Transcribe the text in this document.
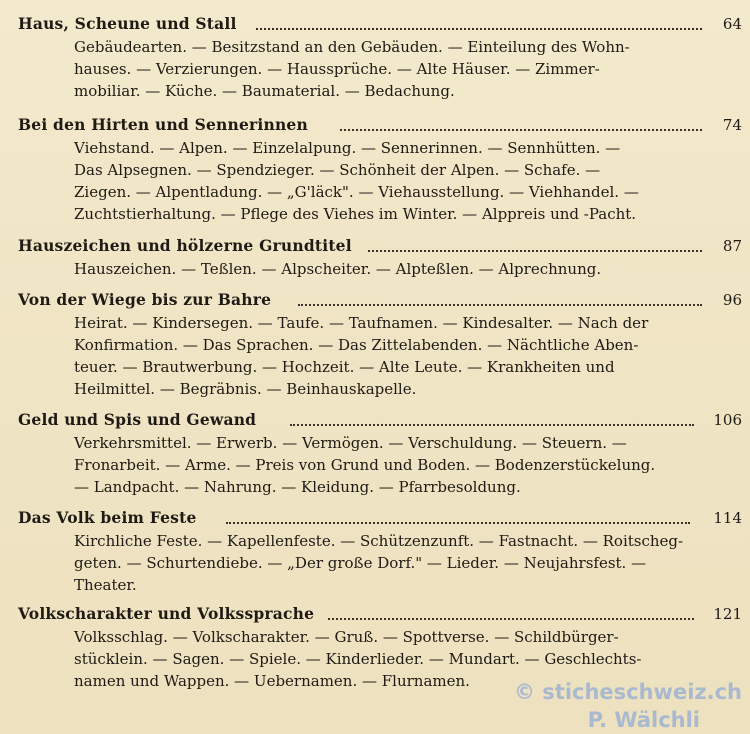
Haus, Scheune und Stall	64
Gebäudearten. — Besitzstand an den Gebäuden. — Einteilung des Wohn-
hauses. — Verzierungen. — Haussprüche. — Alte Häuser. — Zimmer-
mobiliar. — Küche. — Baumaterial. — Bedachung.
Bei den Hirten und Sennerinnen	74
Viehstand. — Alpen. — Einzelalpung. — Sennerinnen. — Sennhütten. —
Das Alpsegnen. — Spendzieger. — Schönheit der Alpen. — Schafe. —
Ziegen. — Alpentladung. — „G'läck". — Viehausstellung. — Viehhandel. —
Zuchtstierhaltung. — Pflege des Viehes im Winter. — Alppreis und -Pacht.
Hauszeichen und hölzerne Grundtitel	87
Hauszeichen. — Teßlen. — Alpscheiter. — Alpteßlen. — Alprechnung.
Von der Wiege bis zur Bahre	96
Heirat. — Kindersegen. — Taufe. — Taufnamen. — Kindesalter. — Nach der
Konfirmation. — Das Sprachen. — Das Zittelabenden. — Nächtliche Aben-
teuer. — Brautwerbung. — Hochzeit. — Alte Leute. — Krankheiten und
Heilmittel. — Begräbnis. — Beinhauskapelle.
Geld und Spis und Gewand	106
Verkehrsmittel. — Erwerb. — Vermögen. — Verschuldung. — Steuern. —
Fronarbeit. — Arme. — Preis von Grund und Boden. — Bodenzerstückelung.
— Landpacht. — Nahrung. — Kleidung. — Pfarrbesoldung.
Das Volk beim Feste	114
Kirchliche Feste. — Kapellenfeste. — Schützenzunft. — Fastnacht. — Roitscheg-
geten. — Schurtendiebe. — „Der große Dorf." — Lieder. — Neujahrsfest. —
Theater.
Volkscharakter und Volkssprache	121
Volksschlag. — Volkscharakter. — Gruß. — Spottverse. — Schildbürger-
stücklein. — Sagen. — Spiele. — Kinderlieder. — Mundart. — Geschlechts-
namen und Wappen. — Uebernamen. — Flurnamen.	© sticheschweiz.ch
P. Wälchli
